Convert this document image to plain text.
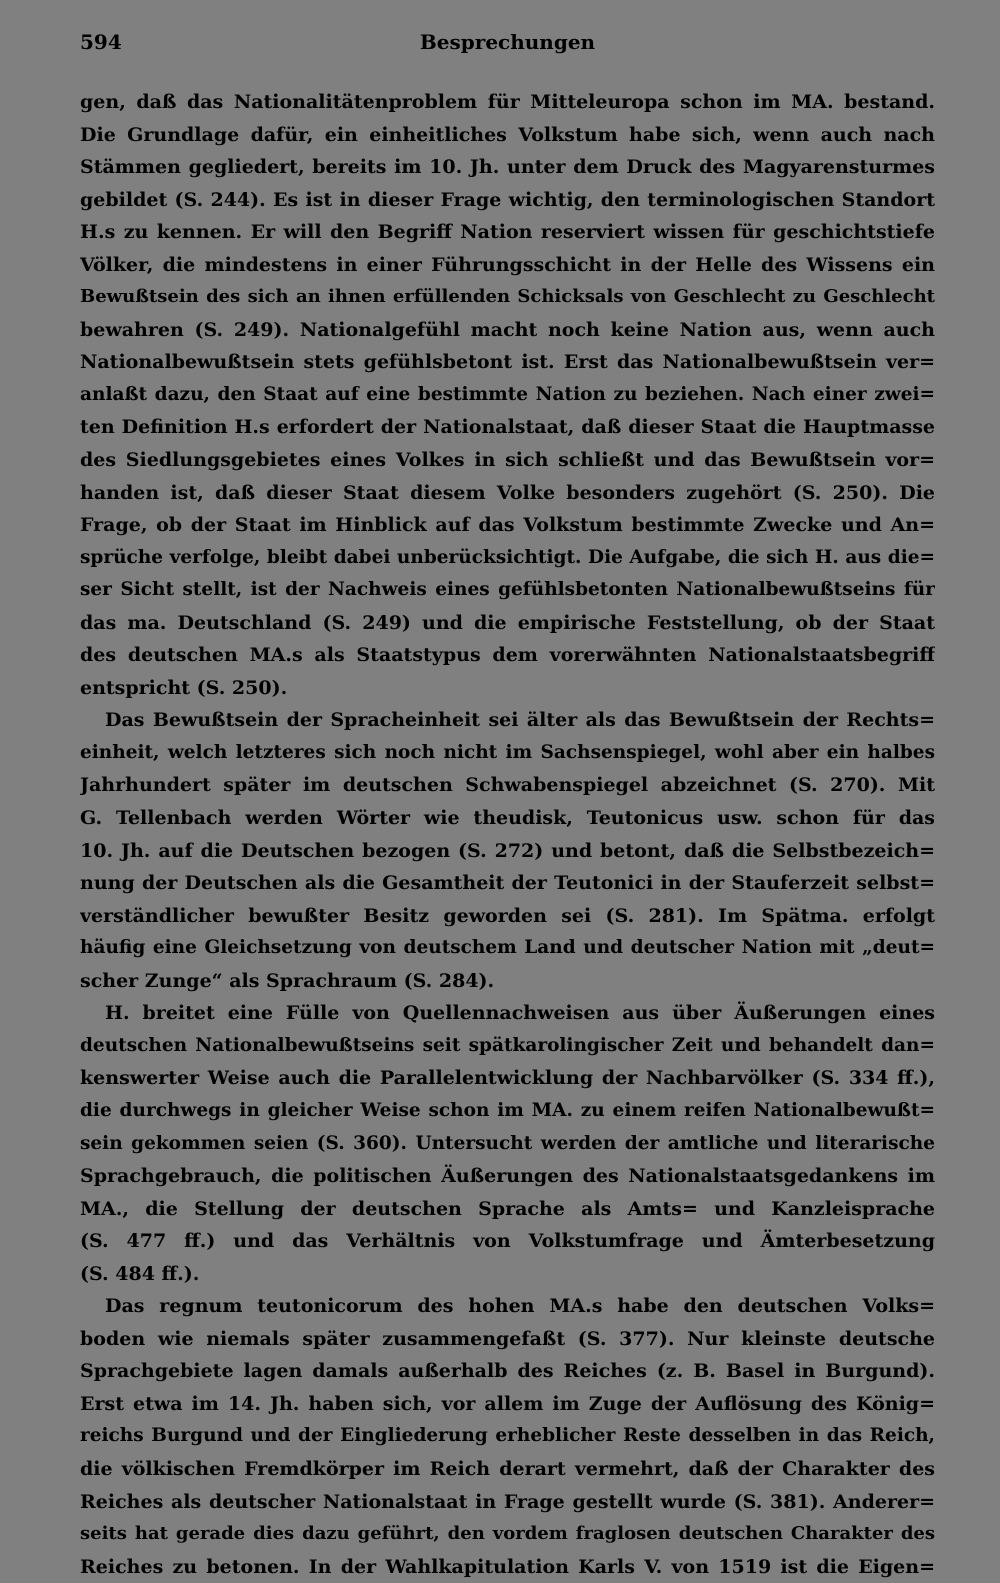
594	Besprechungen
gen, daß das Nationalitätenproblem für Mitteleuropa schon im MA. bestand.
Die Grundlage dafür, ein einheitliches Volkstum habe sich, wenn auch nach
Stämmen gegliedert, bereits im 10. Jh. unter dem Druck des Magyarensturmes
gebildet (S. 244). Es ist in dieser Frage wichtig, den terminologischen Standort
H.s zu kennen. Er will den Begriff Nation reserviert wissen für geschichtstiefe
Völker, die mindestens in einer Führungsschicht in der Helle des Wissens ein
Bewußtsein des sich an ihnen erfüllenden Schicksals von Geschlecht zu Geschlecht
bewahren (S. 249). Nationalgefühl macht noch keine Nation aus, wenn auch
Nationalbewußtsein stets gefühlsbetont ist. Erst das Nationalbewußtsein ver=
anlaßt dazu, den Staat auf eine bestimmte Nation zu beziehen. Nach einer zwei=
ten Definition H.s erfordert der Nationalstaat, daß dieser Staat die Hauptmasse
des Siedlungsgebietes eines Volkes in sich schließt und das Bewußtsein vor=
handen ist, daß dieser Staat diesem Volke besonders zugehört (S. 250). Die
Frage, ob der Staat im Hinblick auf das Volkstum bestimmte Zwecke und An=
sprüche verfolge, bleibt dabei unberücksichtigt. Die Aufgabe, die sich H. aus die=
ser Sicht stellt, ist der Nachweis eines gefühlsbetonten Nationalbewußtseins für
das ma. Deutschland (S. 249) und die empirische Feststellung, ob der Staat
des deutschen MA.s als Staatstypus dem vorerwähnten Nationalstaatsbegriff
entspricht (S. 250).
Das Bewußtsein der Spracheinheit sei älter als das Bewußtsein der Rechts=
einheit, welch letzteres sich noch nicht im Sachsenspiegel, wohl aber ein halbes
Jahrhundert später im deutschen Schwabenspiegel abzeichnet (S. 270). Mit
G. Tellenbach werden Wörter wie theudisk, Teutonicus usw. schon für das
10. Jh. auf die Deutschen bezogen (S. 272) und betont, daß die Selbstbezeich=
nung der Deutschen als die Gesamtheit der Teutonici in der Stauferzeit selbst=
verständlicher bewußter Besitz geworden sei (S. 281). Im Spätma. erfolgt
häufig eine Gleichsetzung von deutschem Land und deutscher Nation mit „deut=
scher Zunge“ als Sprachraum (S. 284).
H. breitet eine Fülle von Quellennachweisen aus über Äußerungen eines
deutschen Nationalbewußtseins seit spätkarolingischer Zeit und behandelt dan=
kenswerter Weise auch die Parallelentwicklung der Nachbarvölker (S. 334 ff.),
die durchwegs in gleicher Weise schon im MA. zu einem reifen Nationalbewußt=
sein gekommen seien (S. 360). Untersucht werden der amtliche und literarische
Sprachgebrauch, die politischen Äußerungen des Nationalstaatsgedankens im
MA., die Stellung der deutschen Sprache als Amts= und Kanzleisprache
(S. 477 ff.) und das Verhältnis von Volkstumfrage und Ämterbesetzung
(S. 484 ff.).
Das regnum teutonicorum des hohen MA.s habe den deutschen Volks=
boden wie niemals später zusammengefaßt (S. 377). Nur kleinste deutsche
Sprachgebiete lagen damals außerhalb des Reiches (z. B. Basel in Burgund).
Erst etwa im 14. Jh. haben sich, vor allem im Zuge der Auflösung des König=
reichs Burgund und der Eingliederung erheblicher Reste desselben in das Reich,
die völkischen Fremdkörper im Reich derart vermehrt, daß der Charakter des
Reiches als deutscher Nationalstaat in Frage gestellt wurde (S. 381). Anderer=
seits hat gerade dies dazu geführt, den vordem fraglosen deutschen Charakter des
Reiches zu betonen. In der Wahlkapitulation Karls V. von 1519 ist die Eigen=
